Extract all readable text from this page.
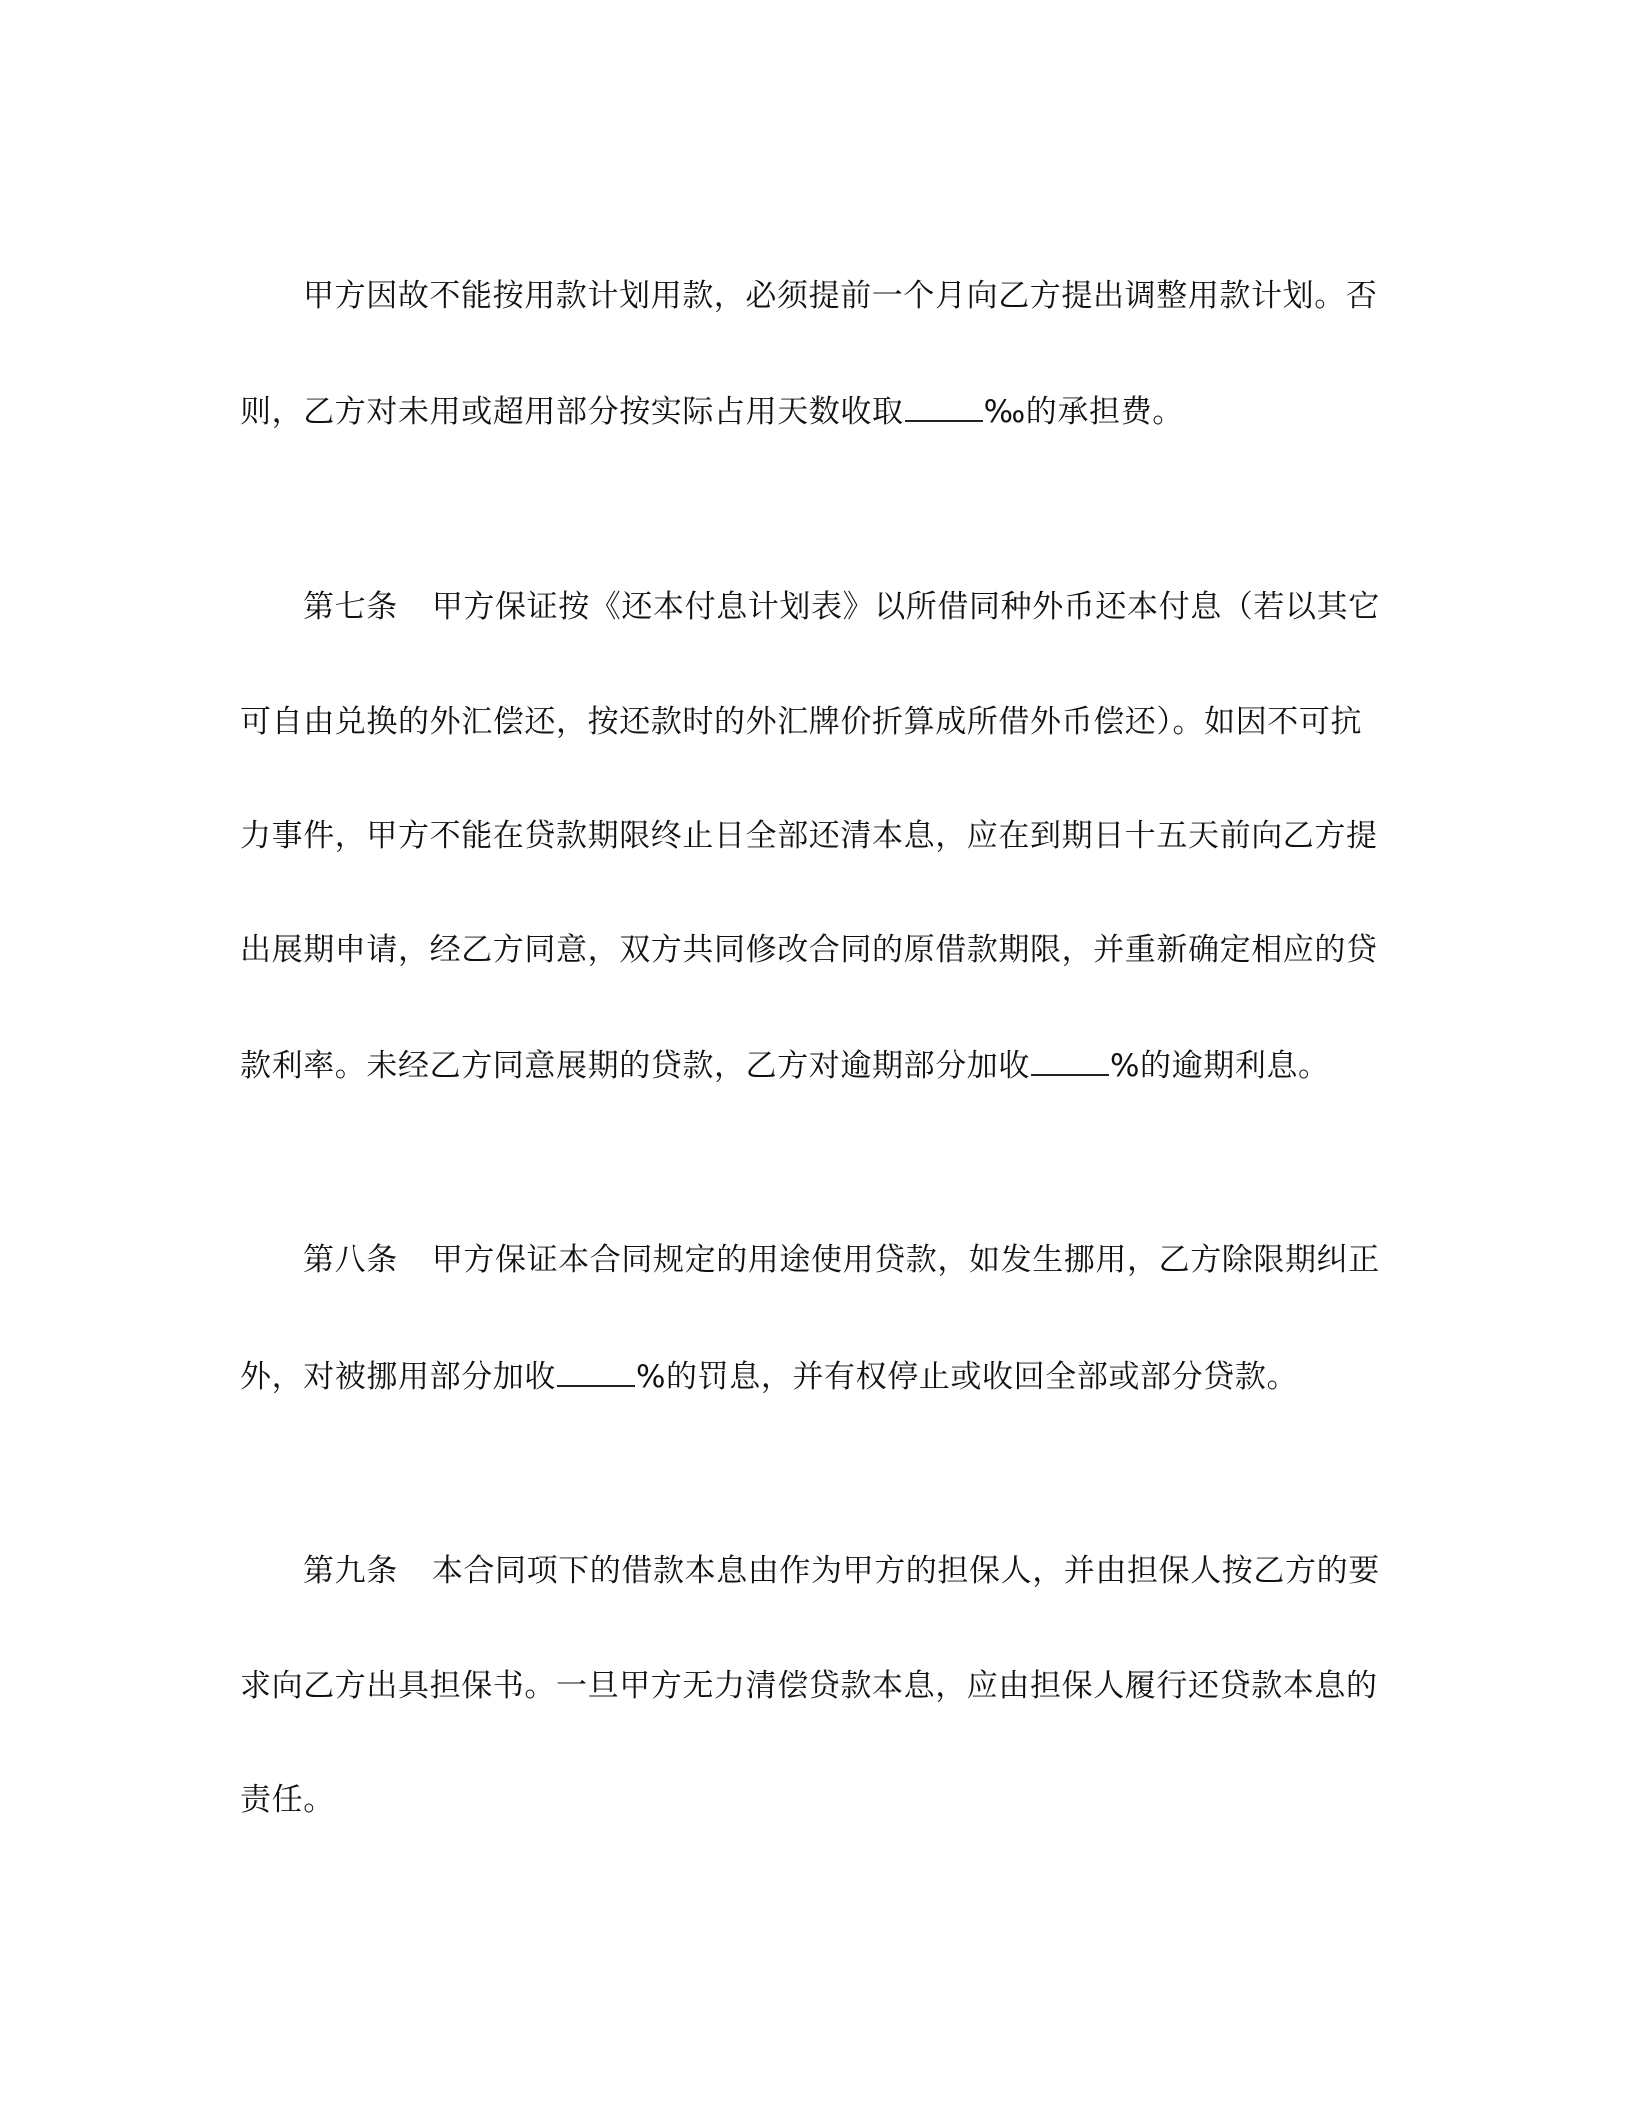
甲方因故不能按用款计划用款，必须提前一个月向乙方提出调整用款计划。否
则，乙方对未用或超用部分按实际占用天数收取	‰的承担费。
第七条 甲方保证按《还本付息计划表》以所借同种外币还本付息（若以其它
可自由兑换的外汇偿还，按还款时的外汇牌价折算成所借外币偿还）。如因不可抗
力事件，甲方不能在贷款期限终止日全部还清本息，应在到期日十五天前向乙方提
出展期申请，经乙方同意，双方共同修改合同的原借款期限，并重新确定相应的贷
款利率。未经乙方同意展期的贷款，乙方对逾期部分加收	%的逾期利息。
第八条 甲方保证本合同规定的用途使用贷款，如发生挪用，乙方除限期纠正
外，对被挪用部分加收	%的罚息，并有权停止或收回全部或部分贷款。
第九条 本合同项下的借款本息由作为甲方的担保人，并由担保人按乙方的要
求向乙方出具担保书。一旦甲方无力清偿贷款本息，应由担保人履行还贷款本息的
责任。
